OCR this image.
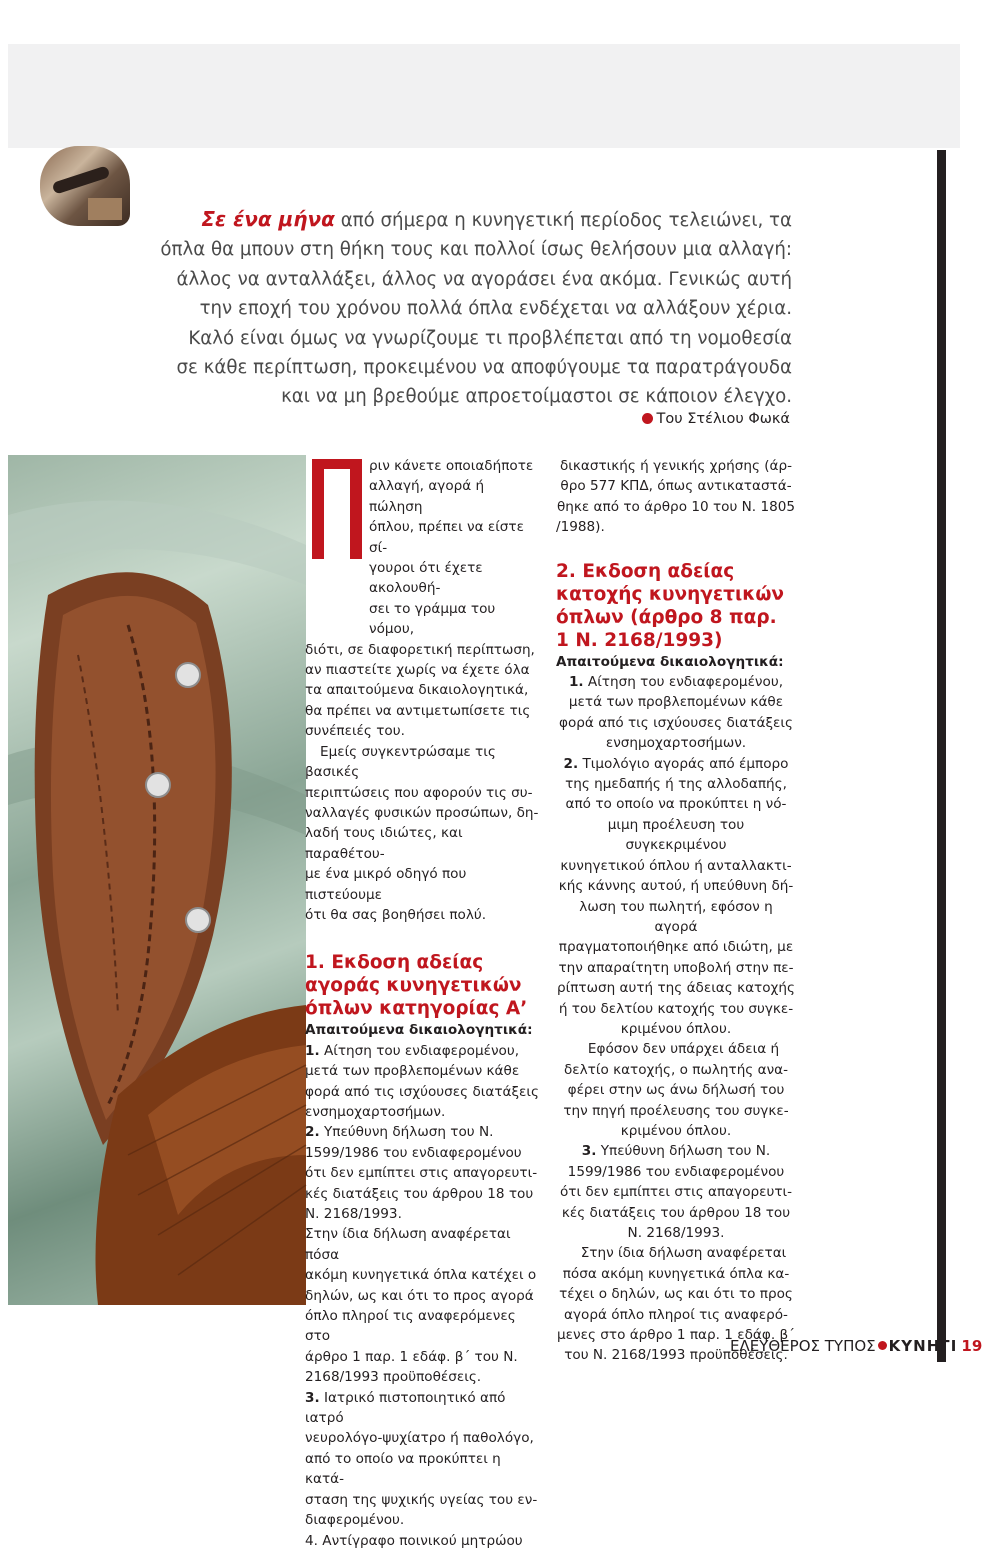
Σε ένα μήνα από σήμερα η κυνηγετική περίοδος τελειώνει, τα
όπλα θα μπουν στη θήκη τους και πολλοί ίσως θελήσουν μια αλλαγή:
άλλος να ανταλλάξει, άλλος να αγοράσει ένα ακόμα. Γενικώς αυτή
την εποχή του χρόνου πολλά όπλα ενδέχεται να αλλάξουν χέρια.
Καλό είναι όμως να γνωρίζουμε τι προβλέπεται από τη νομοθεσία
σε κάθε περίπτωση, προκειμένου να αποφύγουμε τα παρατράγουδα
και να μη βρεθούμε απροετοίμαστοι σε κάποιον έλεγχο.
Του Στέλιου Φωκά

ριν κάνετε οποιαδήποτε

αλλαγή, αγορά ή πώληση

όπλου, πρέπει να είστε σί-

γουροι ότι έχετε ακολουθή-

σει το γράμμα του νόμου,

διότι, σε διαφορετική περίπτωση,

αν πιαστείτε χωρίς να έχετε όλα

τα απαιτούμενα δικαιολογητικά,

θα πρέπει να αντιμετωπίσετε τις

συνέπειές του.

Εμείς συγκεντρώσαμε τις βασικές

περιπτώσεις που αφορούν τις συ-

ναλλαγές φυσικών προσώπων, δη-

λαδή τους ιδιώτες, και παραθέτου-

με ένα μικρό οδηγό που πιστεύουμε

ότι θα σας βοηθήσει πολύ.

1. Εκδοση αδείας

αγοράς κυνηγετικών

όπλων κατηγορίας Α’

Απαιτούμενα δικαιολογητικά:

1. Αίτηση του ενδιαφερομένου,

μετά των προβλεπομένων κάθε

φορά από τις ισχύουσες διατάξεις

ενσημοχαρτοσήμων.

2. Υπεύθυνη δήλωση του Ν.

1599/1986 του ενδιαφερομένου

ότι δεν εμπίπτει στις απαγορευτι-

κές διατάξεις του άρθρου 18 του

Ν. 2168/1993.

Στην ίδια δήλωση αναφέρεται πόσα

ακόμη κυνηγετικά όπλα κατέχει ο

δηλών, ως και ότι το προς αγορά

όπλο πληροί τις αναφερόμενες στο

άρθρο 1 παρ. 1 εδάφ. β΄ του Ν.

2168/1993 προϋποθέσεις.

3. Ιατρικό πιστοποιητικό από ιατρό

νευρολόγο-ψυχίατρο ή παθολόγο,

από το οποίο να προκύπτει η κατά-

σταση της ψυχικής υγείας του εν-

διαφερομένου.

4. Αντίγραφο ποινικού μητρώου

δικαστικής ή γενικής χρήσης (άρ-

θρο 577 ΚΠΔ, όπως αντικαταστά-

θηκε από το άρθρο 10 του Ν. 1805

/1988).

2. Εκδοση αδείας

κατοχής κυνηγετικών

όπλων (άρθρο 8 παρ.

1 Ν. 2168/1993)

Απαιτούμενα δικαιολογητικά:

1. Αίτηση του ενδιαφερομένου,

μετά των προβλεπομένων κάθε

φορά από τις ισχύουσες διατάξεις

ενσημοχαρτοσήμων.

2. Τιμολόγιο αγοράς από έμπορο

της ημεδαπής ή της αλλοδαπής,

από το οποίο να προκύπτει η νό-

μιμη προέλευση του συγκεκριμένου

κυνηγετικού όπλου ή ανταλλακτι-

κής κάννης αυτού, ή υπεύθυνη δή-

λωση του πωλητή, εφόσον η αγορά

πραγματοποιήθηκε από ιδιώτη, με

την απαραίτητη υποβολή στην πε-

ρίπτωση αυτή της άδειας κατοχής

ή του δελτίου κατοχής του συγκε-

κριμένου όπλου.

Εφόσον δεν υπάρχει άδεια ή

δελτίο κατοχής, ο πωλητής ανα-

φέρει στην ως άνω δήλωσή του

την πηγή προέλευσης του συγκε-

κριμένου όπλου.

3. Υπεύθυνη δήλωση του Ν.

1599/1986 του ενδιαφερομένου

ότι δεν εμπίπτει στις απαγορευτι-

κές διατάξεις του άρθρου 18 του

Ν. 2168/1993.

Στην ίδια δήλωση αναφέρεται

πόσα ακόμη κυνηγετικά όπλα κα-

τέχει ο δηλών, ως και ότι το προς

αγορά όπλο πληροί τις αναφερό-

μενες στο άρθρο 1 παρ. 1 εδάφ. β΄

του Ν. 2168/1993 προϋποθέσεις.

ΕΛΕΥΘΕΡΟΣ ΤΥΠΟΣ ΚΥΝΗΓΙ 19
